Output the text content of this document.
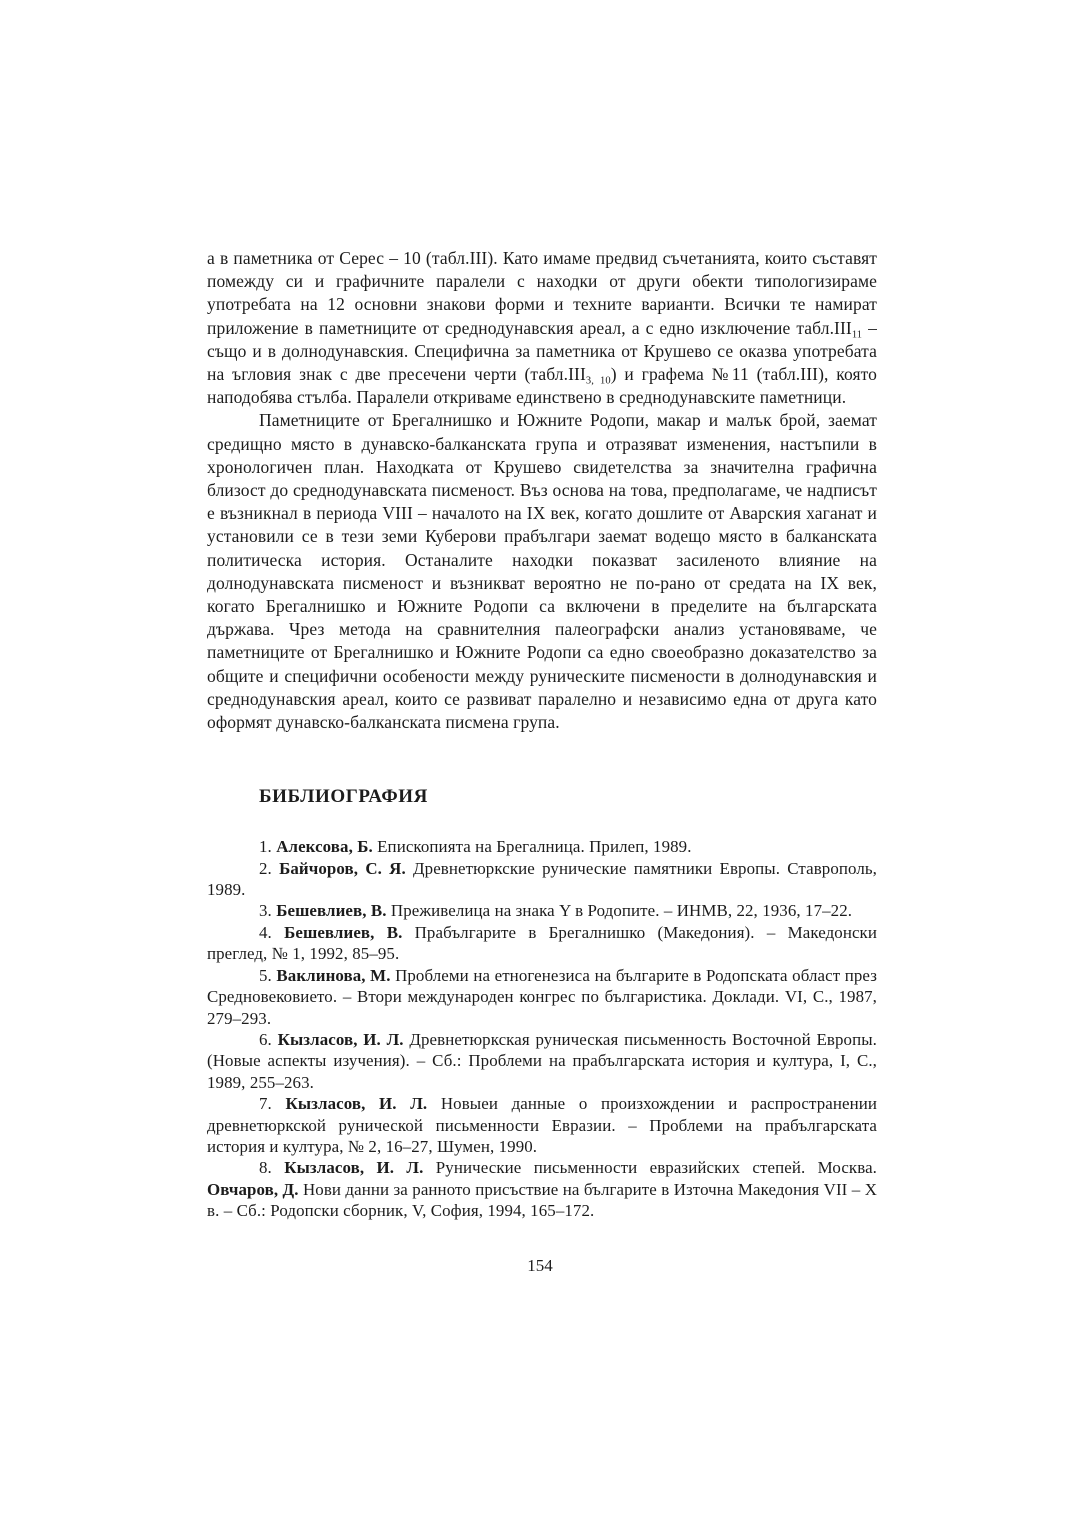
а в паметника от Серес – 10 (табл.III). Като имаме предвид съчетанията, които съставят помежду си и графичните паралели с находки от други обекти типологизираме употребата на 12 основни знакови форми и техните варианти. Всички те намират приложение в паметниците от среднодунавския ареал, а с едно изключение $табл.III_{11}$ – също и в долнодунавския. Специфична за паметника от Крушево се оказва употребата на ъгловия знак с две пресечени черти $(табл.III_{3, 10})$ и графема №11 (табл.III), която наподобява стълба. Паралели откриваме единствено в среднодунавските паметници.

Паметниците от Брегалнишко и Южните Родопи, макар и малък брой, заемат средищно място в дунавско-балканската група и отразяват изменения, настъпили в хронологичен план. Находката от Крушево свидетелства за значителна графична близост до среднодунавската писменост. Въз основа на това, предполагаме, че надписът е възникнал в периода VIII – началото на IX век, когато дошлите от Аварския хаганат и установили се в тези земи Куберови прабългари заемат водещо място в балканската политическа история. Останалите находки показват засиленото влияние на долнодунавската писменост и възникват вероятно не по-рано от средата на IX век, когато Брегалнишко и Южните Родопи са включени в пределите на българската държава. Чрез метода на сравнителния палеографски анализ установяваме, че паметниците от Брегалнишко и Южните Родопи са едно своеобразно доказателство за общите и специфични особености между руническите писмености в долнодунавския и среднодунавския ареал, които се развиват паралелно и независимо една от друга като оформят дунавско-балканската писмена група.

БИБЛИОГРАФИЯ

1. Алексова, Б. Епископията на Брегалница. Прилеп, 1989.

2. Байчоров, С. Я. Древнетюркские рунические памятники Европы. Ставрополь, 1989.

3. Бешевлиев, В. Преживелица на знака Y в Родопите. – ИНМВ, 22, 1936, 17–22.

4. Бешевлиев, В. Прабългарите в Брегалнишко (Македония). – Македонски преглед, № 1, 1992, 85–95.

5. Ваклинова, М. Проблеми на етногенезиса на българите в Родопската област през Средновековието. – Втори международен конгрес по българистика. Доклади. VI, С., 1987, 279–293.

6. Кызласов, И. Л. Древнетюркская руническая письменность Восточной Европы. (Новые аспекты изучения). – Сб.: Проблеми на прабългарската история и култура, I, С., 1989, 255–263.

7. Кызласов, И. Л. Новыеи данные о произхождении и распространении древнетюркской рунической письменности Евразии. – Проблеми на прабългарската история и култура, № 2, 16–27, Шумен, 1990.

8. Кызласов, И. Л. Рунические письменности евразийских степей. Москва. Овчаров, Д. Нови данни за ранното присъствие на българите в Източна Македония VII – X в. – Сб.: Родопски сборник, V, София, 1994, 165–172.

154
